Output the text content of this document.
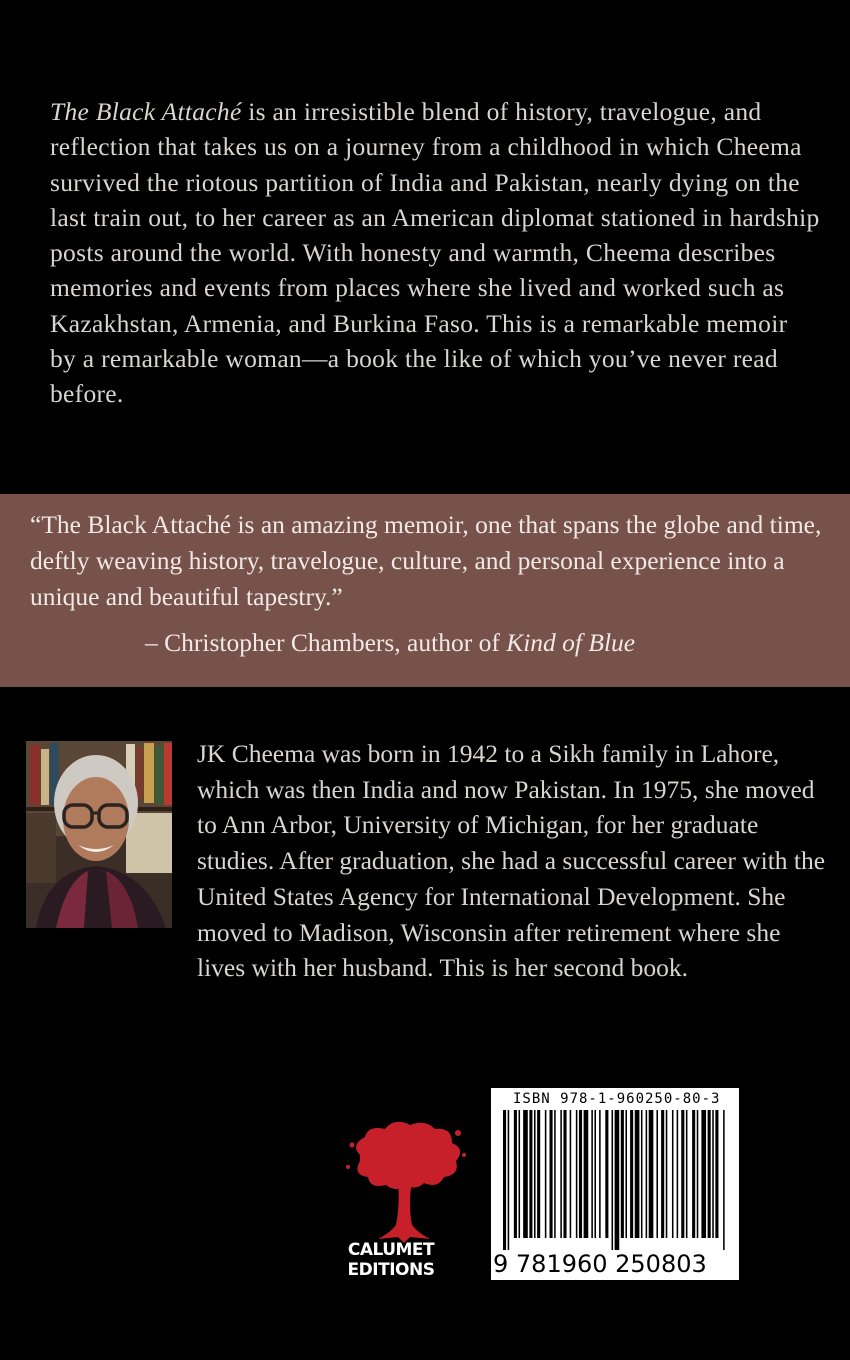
The Black Attaché is an irresistible blend of history, travelogue, and reflection that takes us on a journey from a childhood in which Cheema survived the riotous partition of India and Pakistan, nearly dying on the last train out, to her career as an American diplomat stationed in hardship posts around the world. With honesty and warmth, Cheema describes memories and events from places where she lived and worked such as Kazakhstan, Armenia, and Burkina Faso. This is a remarkable memoir by a remarkable woman—a book the like of which you’ve never read before.

“The Black Attaché is an amazing memoir, one that spans the globe and time, deftly weaving history, travelogue, culture, and personal experience into a unique and beautiful tapestry.”

– Christopher Chambers, author of Kind of Blue

JK Cheema was born in 1942 to a Sikh family in Lahore, which was then India and now Pakistan. In 1975, she moved to Ann Arbor, University of Michigan, for her graduate studies. After graduation, she had a successful career with the United States Agency for International Development. She moved to Madison, Wisconsin after retirement where she lives with her husband. This is her second book.

CALUMET
EDITIONS
ISBN 978-1-960250-80-3
9 781960 250803
